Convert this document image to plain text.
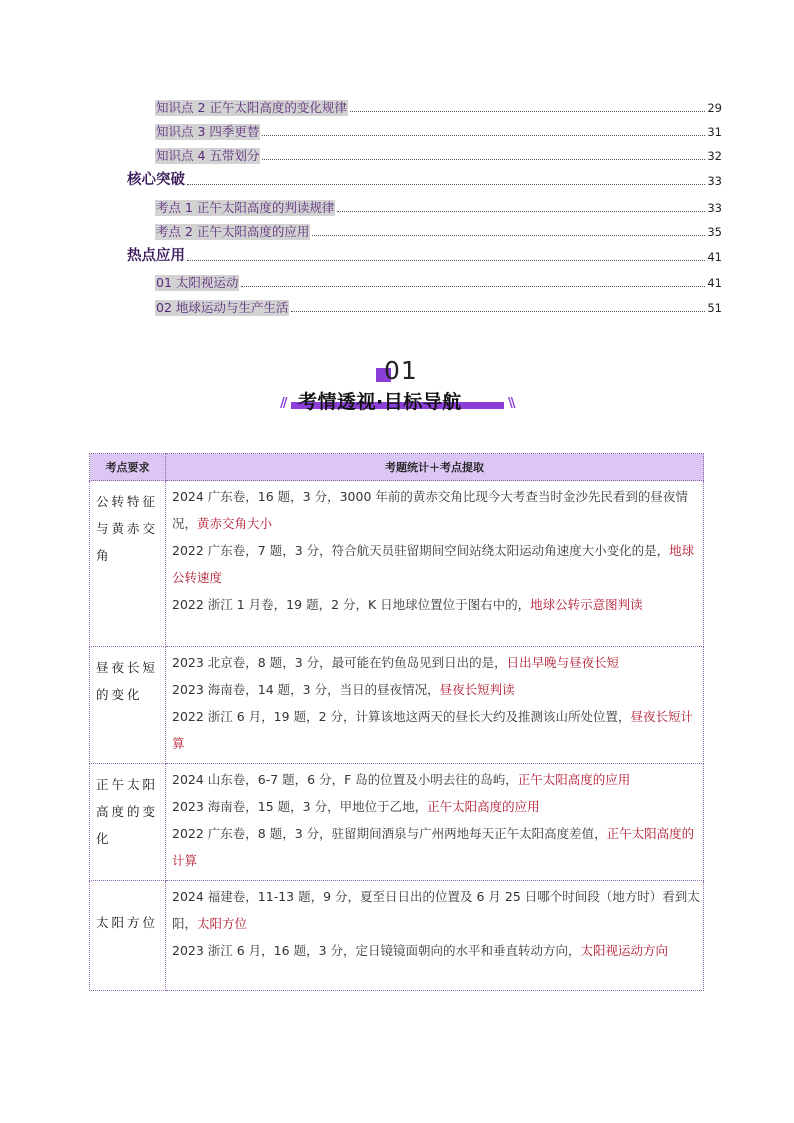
知识点 2 正午太阳高度的变化规律	29
知识点 3 四季更替	31
知识点 4 五带划分	32
核心突破	33
考点 1 正午太阳高度的判读规律	33
考点 2 正午太阳高度的应用	35
热点应用	41
01 太阳视运动	41
02 地球运动与生产生活	51
01
// 考情透视·目标导航	\\
考点要求	考题统计＋考点提取
公转特征与黄赤交角	2024 广东卷，16 题，3 分，3000 年前的黄赤交角比现今大考查当时金沙先民看到的昼夜情况，黄赤交角大小
2022 广东卷，7 题，3 分，符合航天员驻留期间空间站绕太阳运动角速度大小变化的是，地球公转速度
2022 浙江 1 月卷，19 题，2 分，K 日地球位置位于图右中的，地球公转示意图判读

昼夜长短的变化	2023 北京卷，8 题，3 分，最可能在钓鱼岛见到日出的是，日出早晚与昼夜长短
2023 海南卷，14 题，3 分，当日的昼夜情况，昼夜长短判读
2022 浙江 6 月，19 题，2 分，计算该地这两天的昼长大约及推测该山所处位置，昼夜长短计算

正午太阳高度的变化	2024 山东卷，6-7 题，6 分，F 岛的位置及小明去往的岛屿，正午太阳高度的应用
2023 海南卷，15 题，3 分，甲地位于乙地，正午太阳高度的应用
2022 广东卷，8 题，3 分，驻留期间酒泉与广州两地每天正午太阳高度差值，正午太阳高度的计算

太阳方位	2024 福建卷，11-13 题，9 分，夏至日日出的位置及 6 月 25 日哪个时间段（地方时）看到太阳，太阳方位
2023 浙江 6 月，16 题，3 分，定日镜镜面朝向的水平和垂直转动方向，太阳视运动方向
